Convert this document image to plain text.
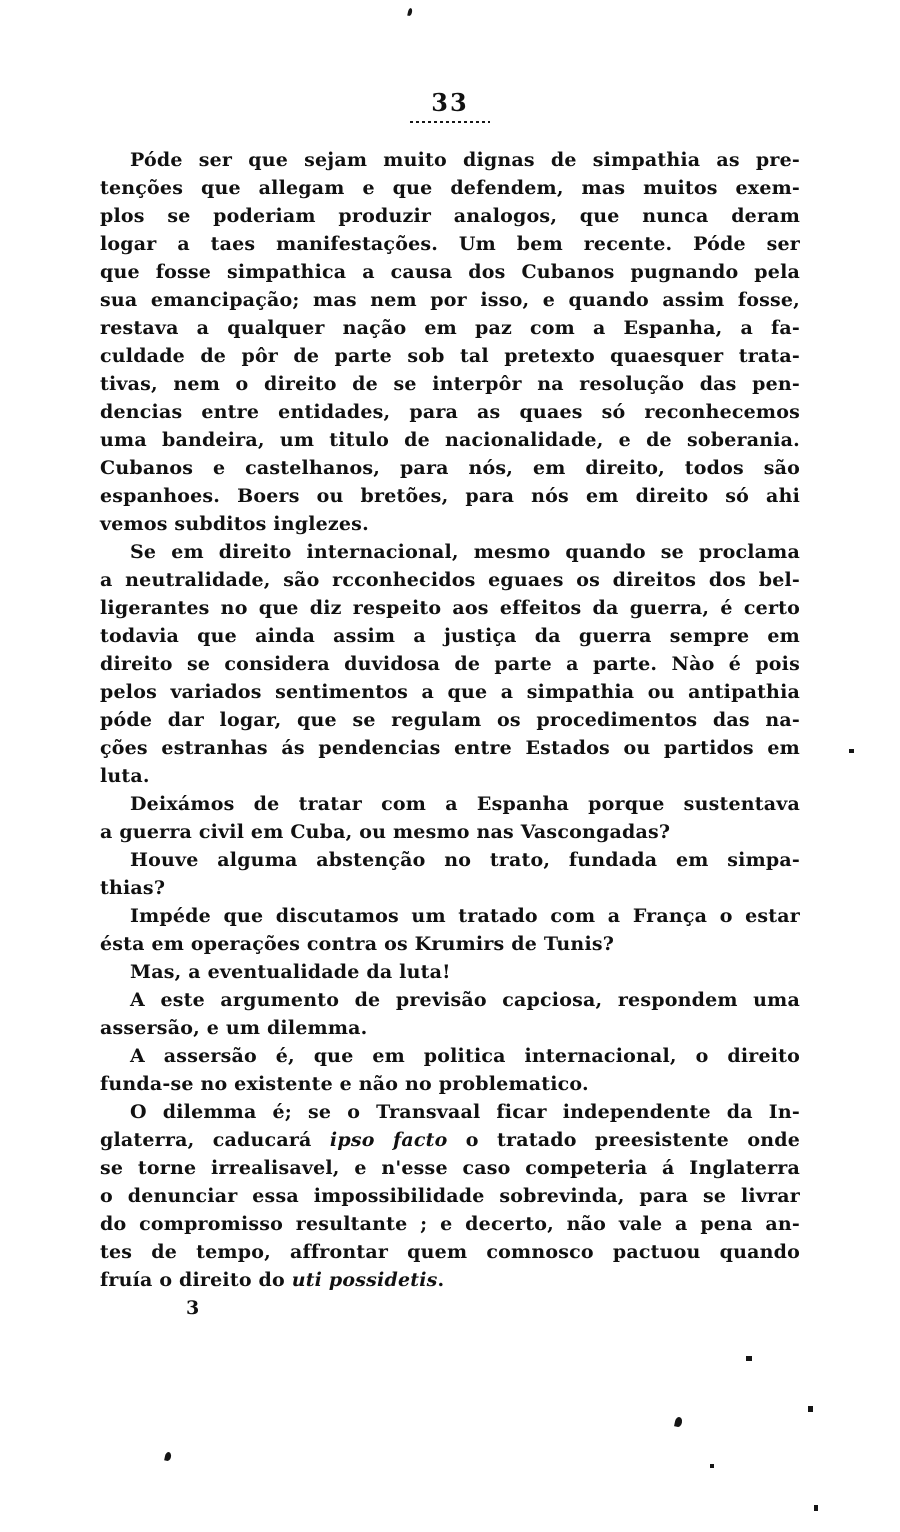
33
Póde ser que sejam muito dignas de simpathia as pre-
tenções que allegam e que defendem, mas muitos exem-
plos se poderiam produzir analogos, que nunca deram
logar a taes manifestações. Um bem recente. Póde ser
que fosse simpathica a causa dos Cubanos pugnando pela
sua emancipação; mas nem por isso, e quando assim fosse,
restava a qualquer nação em paz com a Espanha, a fa-
culdade de pôr de parte sob tal pretexto quaesquer trata-
tivas, nem o direito de se interpôr na resolução das pen-
dencias entre entidades, para as quaes só reconhecemos
uma bandeira, um titulo de nacionalidade, e de soberania.
Cubanos e castelhanos, para nós, em direito, todos são
espanhoes. Boers ou bretões, para nós em direito só ahi
vemos subditos inglezes.
Se em direito internacional, mesmo quando se proclama
a neutralidade, são rcconhecidos eguaes os direitos dos bel-
ligerantes no que diz respeito aos effeitos da guerra, é certo
todavia que ainda assim a justiça da guerra sempre em
direito se considera duvidosa de parte a parte. Nào é pois
pelos variados sentimentos a que a simpathia ou antipathia
póde dar logar, que se regulam os procedimentos das na-
ções estranhas ás pendencias entre Estados ou partidos em
luta.
Deixámos de tratar com a Espanha porque sustentava
a guerra civil em Cuba, ou mesmo nas Vascongadas?
Houve alguma abstenção no trato, fundada em simpa-
thias?
Impéde que discutamos um tratado com a França o estar
ésta em operações contra os Krumirs de Tunis?
Mas, a eventualidade da luta!
A este argumento de previsão capciosa, respondem uma
assersão, e um dilemma.
A assersão é, que em politica internacional, o direito
funda-se no existente e não no problematico.
O dilemma é; se o Transvaal ficar independente da In-
glaterra, caducará ipso facto o tratado preesistente onde
se torne irrealisavel, e n'esse caso competeria á Inglaterra
o denunciar essa impossibilidade sobrevinda, para se livrar
do compromisso resultante ; e decerto, não vale a pena an-
tes de tempo, affrontar quem comnosco pactuou quando
fruía o direito do uti possidetis.
3
